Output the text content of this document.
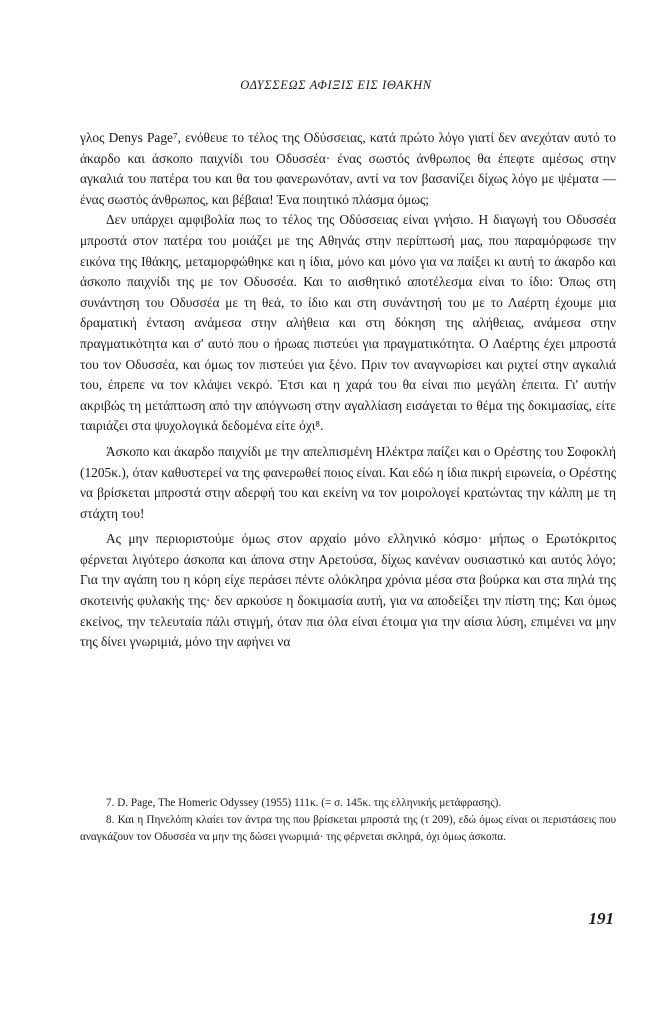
ΟΔΥΣΣΕΩΣ ΑΦΙΞΙΣ ΕΙΣ ΙΘΑΚΗΝ

γλος Denys Page⁷, ενόθευε το τέλος της Οδύσσειας, κατά πρώτο λόγο γιατί δεν ανεχόταν αυτό το άκαρδο και άσκοπο παιχνίδι του Οδυσσέα· ένας σωστός άνθρωπος θα έπεφτε αμέσως στην αγκαλιά του πατέρα του και θα του φανερωνόταν, αντί να τον βασανίζει δίχως λόγο με ψέματα — ένας σωστός άνθρωπος, και βέβαια! Ένα ποιητικό πλάσμα όμως;

Δεν υπάρχει αμφιβολία πως το τέλος της Οδύσσειας είναι γνήσιο. Η διαγωγή του Οδυσσέα μπροστά στον πατέρα του μοιάζει με της Αθηνάς στην περίπτωσή μας, που παραμόρφωσε την εικόνα της Ιθάκης, μεταμορφώθηκε και η ίδια, μόνο και μόνο για να παίξει κι αυτή το άκαρδο και άσκοπο παιχνίδι της με τον Οδυσσέα. Και το αισθητικό αποτέλεσμα είναι το ίδιο: Όπως στη συνάντηση του Οδυσσέα με τη θεά, το ίδιο και στη συνάντησή του με το Λαέρτη έχουμε μια δραματική ένταση ανάμεσα στην αλήθεια και στη δόκηση της αλήθειας, ανάμεσα στην πραγματικότητα και σ' αυτό που ο ήρωας πιστεύει για πραγματικότητα. Ο Λαέρτης έχει μπροστά του τον Οδυσσέα, και όμως τον πιστεύει για ξένο. Πριν τον αναγνωρίσει και ριχτεί στην αγκαλιά του, έπρεπε να τον κλάψει νεκρό. Έτσι και η χαρά του θα είναι πιο μεγάλη έπειτα. Γι' αυτήν ακριβώς τη μετάπτωση από την απόγνωση στην αγαλλίαση εισάγεται το θέμα της δοκιμασίας, είτε ταιριάζει στα ψυχολογικά δεδομένα είτε όχι⁸.

Άσκοπο και άκαρδο παιχνίδι με την απελπισμένη Ηλέκτρα παίζει και ο Ορέστης του Σοφοκλή (1205κ.), όταν καθυστερεί να της φανερωθεί ποιος είναι. Και εδώ η ίδια πικρή ειρωνεία, ο Ορέστης να βρίσκεται μπροστά στην αδερφή του και εκείνη να τον μοιρολογεί κρατώντας την κάλπη με τη στάχτη του!

Ας μην περιοριστούμε όμως στον αρχαίο μόνο ελληνικό κόσμο· μήπως ο Ερωτόκριτος φέρνεται λιγότερο άσκοπα και άπονα στην Αρετούσα, δίχως κανέναν ουσιαστικό και αυτός λόγο; Για την αγάπη του η κόρη είχε περάσει πέντε ολόκληρα χρόνια μέσα στα βούρκα και στα πηλά της σκοτεινής φυλακής της· δεν αρκούσε η δοκιμασία αυτή, για να αποδείξει την πίστη της; Και όμως εκείνος, την τελευταία πάλι στιγμή, όταν πια όλα είναι έτοιμα για την αίσια λύση, επιμένει να μην της δίνει γνωριμιά, μόνο την αφήνει να

7. D. Page, The Homeric Odyssey (1955) 111κ. (= σ. 145κ. της ελληνικής μετάφρασης).

8. Και η Πηνελόπη κλαίει τον άντρα της που βρίσκεται μπροστά της (τ 209), εδώ όμως είναι οι περιστάσεις που αναγκάζουν τον Οδυσσέα να μην της δώσει γνωριμιά· της φέρνεται σκληρά, όχι όμως άσκοπα.

191
